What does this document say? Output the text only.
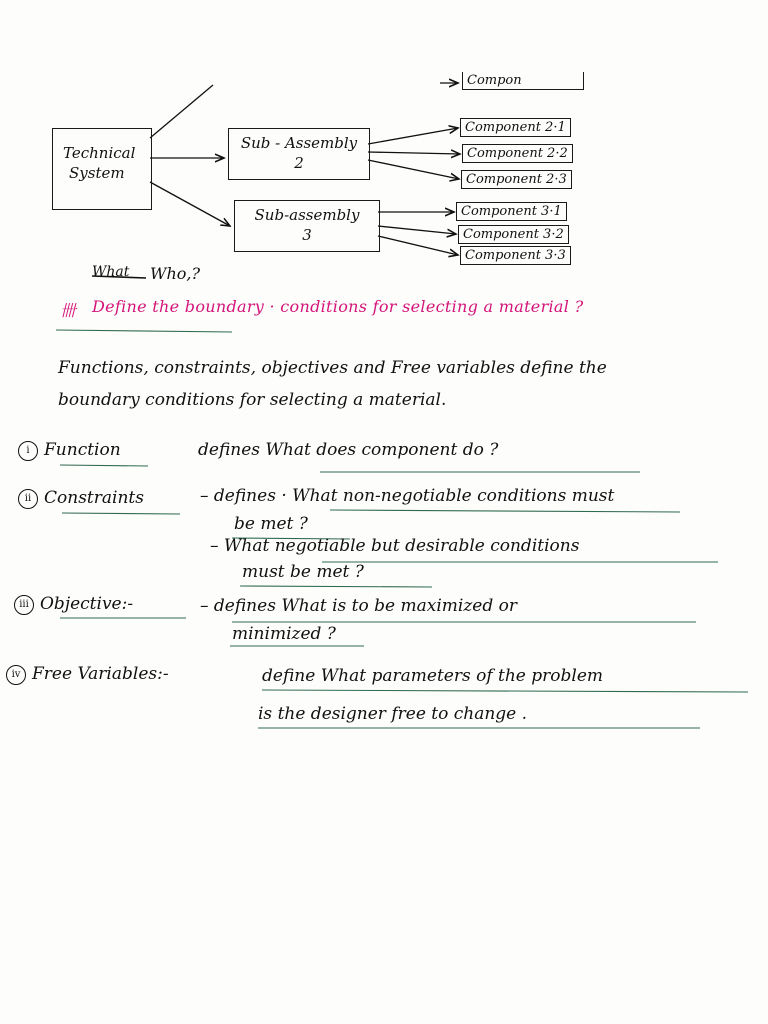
Technical
System
Sub - Assembly
2
Sub-assembly
3
Compon
Component 2·1
Component 2·2
Component 2·3
Component 3·1
Component 3·2
Component 3·3
What Who,?
卌 Define the boundary · conditions for selecting a material ?
Functions, constraints, objectives and Free variables define the
boundary conditions for selecting a material.
i Function	defines What does component do ?
ii Constraints	– defines · What non-negotiable conditions must
be met ?
– What negotiable but desirable conditions
must be met ?
iii Objective:-	– defines What is to be maximized or
minimized ?
iv Free Variables:-	define What parameters of the problem
is the designer free to change .
